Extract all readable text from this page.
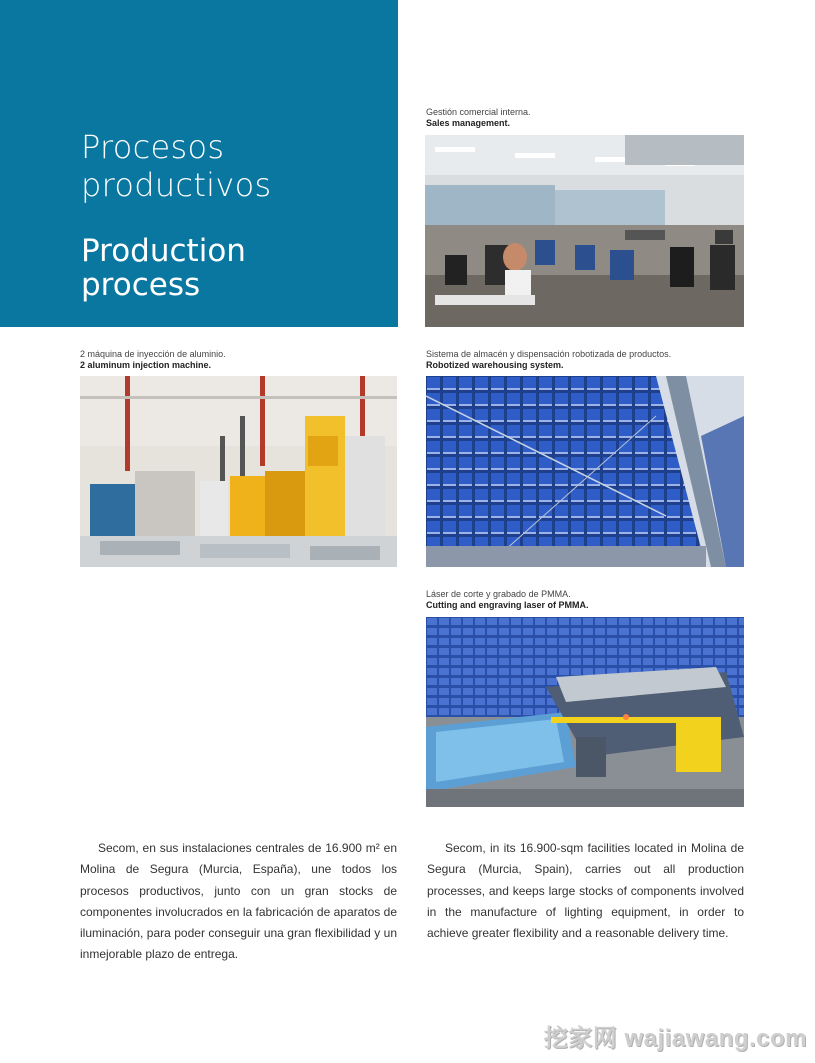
Procesos
productivos
Production
process
Gestión comercial interna.
Sales management.
2 máquina de inyección de aluminio.
2 aluminum injection machine.
Sistema de almacén y dispensación robotizada de productos.
Robotized warehousing system.
Láser de corte y grabado de PMMA.
Cutting and engraving laser of PMMA.

Secom, en sus instalaciones centrales de 16.900 m² en Molina de Segura (Murcia, España), une todos los procesos productivos, junto con un gran stocks de componentes involucrados en la fabricación de aparatos de iluminación, para poder conseguir una gran flexibilidad y un inmejorable plazo de entrega.

Secom, in its 16.900-sqm facilities located in Molina de Segura (Murcia, Spain), carries out all production processes, and keeps large stocks of components involved in the manufacture of lighting equipment, in order to achieve greater flexibility and a reasonable delivery time.

挖家网 wajiawang.com
